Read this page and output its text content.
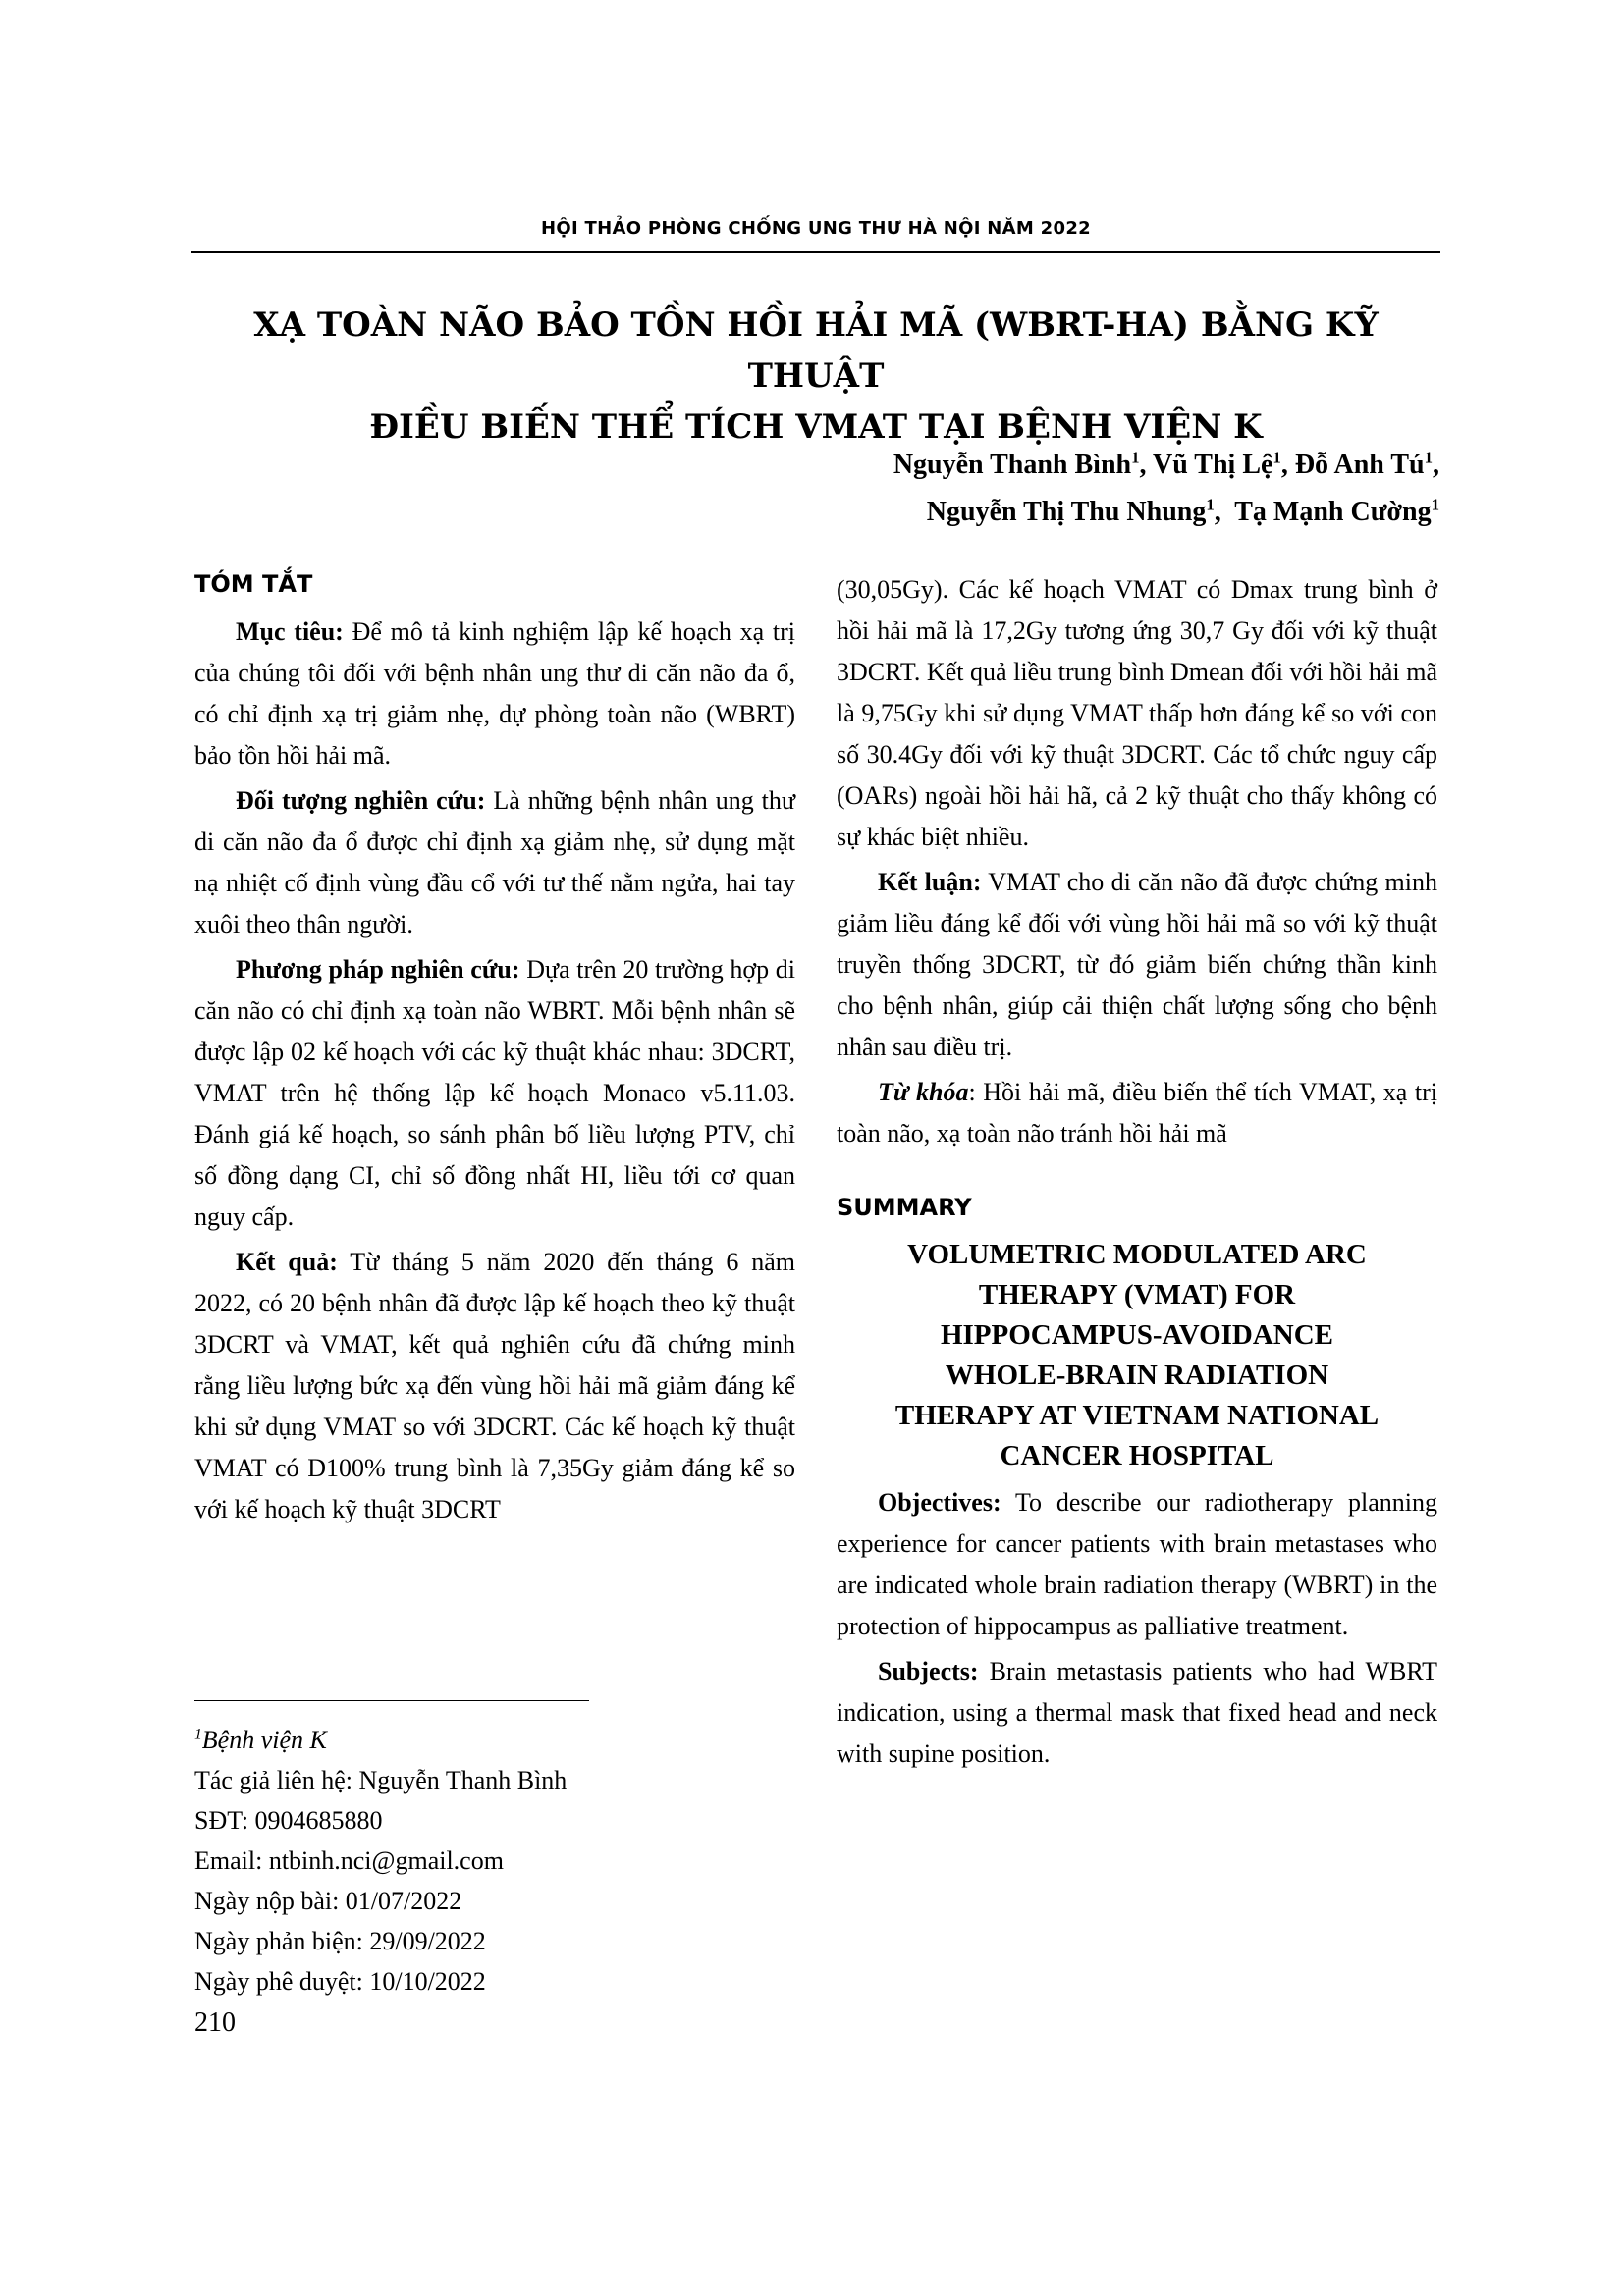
HỘI THẢO PHÒNG CHỐNG UNG THƯ HÀ NỘI NĂM 2022
XẠ TOÀN NÃO BẢO TỒN HỒI HẢI MÃ (WBRT-HA) BẰNG KỸ THUẬT
ĐIỀU BIẾN THỂ TÍCH VMAT TẠI BỆNH VIỆN K
Nguyễn Thanh Bình$^1$, Vũ Thị Lệ$^1$, Đỗ Anh $Tú^1$,
Nguyễn Thị Thu Nhung$^1$,  Tạ Mạnh Cường$^1$
TÓM TẮT

Mục tiêu: Để mô tả kinh nghiệm lập kế hoạch xạ trị của chúng tôi đối với bệnh nhân ung thư di căn não đa ổ, có chỉ định xạ trị giảm nhẹ, dự phòng toàn não (WBRT) bảo tồn hồi hải mã.

Đối tượng nghiên cứu: Là những bệnh nhân ung thư di căn não đa ổ được chỉ định xạ giảm nhẹ, sử dụng mặt nạ nhiệt cố định vùng đầu cổ với tư thế nằm ngửa, hai tay xuôi theo thân người.

Phương pháp nghiên cứu: Dựa trên 20 trường hợp di căn não có chỉ định xạ toàn não WBRT. Mỗi bệnh nhân sẽ được lập 02 kế hoạch với các kỹ thuật khác nhau: 3DCRT, VMAT trên hệ thống lập kế hoạch Monaco v5.11.03. Đánh giá kế hoạch, so sánh phân bố liều lượng PTV, chỉ số đồng dạng CI, chỉ số đồng nhất HI, liều tới cơ quan nguy cấp.

Kết quả: Từ tháng 5 năm 2020 đến tháng 6 năm 2022, có 20 bệnh nhân đã được lập kế hoạch theo kỹ thuật 3DCRT và VMAT, kết quả nghiên cứu đã chứng minh rằng liều lượng bức xạ đến vùng hồi hải mã giảm đáng kể khi sử dụng VMAT so với 3DCRT. Các kế hoạch kỹ thuật VMAT có D100% trung bình là 7,35Gy giảm đáng kể so với kế hoạch kỹ thuật 3DCRT

(30,05Gy). Các kế hoạch VMAT có Dmax trung bình ở hồi hải mã là 17,2Gy tương ứng 30,7 Gy đối với kỹ thuật 3DCRT. Kết quả liều trung bình Dmean đối với hồi hải mã là 9,75Gy khi sử dụng VMAT thấp hơn đáng kể so với con số 30.4Gy đối với kỹ thuật 3DCRT. Các tổ chức nguy cấp (OARs) ngoài hồi hải hã, cả 2 kỹ thuật cho thấy không có sự khác biệt nhiều.

Kết luận: VMAT cho di căn não đã được chứng minh giảm liều đáng kể đối với vùng hồi hải mã so với kỹ thuật truyền thống 3DCRT, từ đó giảm biến chứng thần kinh cho bệnh nhân, giúp cải thiện chất lượng sống cho bệnh nhân sau điều trị.

Từ khóa: Hồi hải mã, điều biến thể tích VMAT, xạ trị toàn não, xạ toàn não tránh hồi hải mã

SUMMARY
VOLUMETRIC MODULATED ARC
THERAPY (VMAT) FOR
HIPPOCAMPUS-AVOIDANCE
WHOLE-BRAIN RADIATION
THERAPY AT VIETNAM NATIONAL
CANCER HOSPITAL

Objectives: To describe our radiotherapy planning experience for cancer patients with brain metastases who are indicated whole brain radiation therapy (WBRT) in the protection of hippocampus as palliative treatment.

Subjects: Brain metastasis patients who had WBRT indication, using a thermal mask that fixed head and neck with supine position.

$^1$Bệnh viện K
Tác giả liên hệ: Nguyễn Thanh Bình
SĐT: 0904685880
Email: ntbinh.nci@gmail.com
Ngày nộp bài: 01/07/2022
Ngày phản biện: 29/09/2022
Ngày phê duyệt: 10/10/2022
210
